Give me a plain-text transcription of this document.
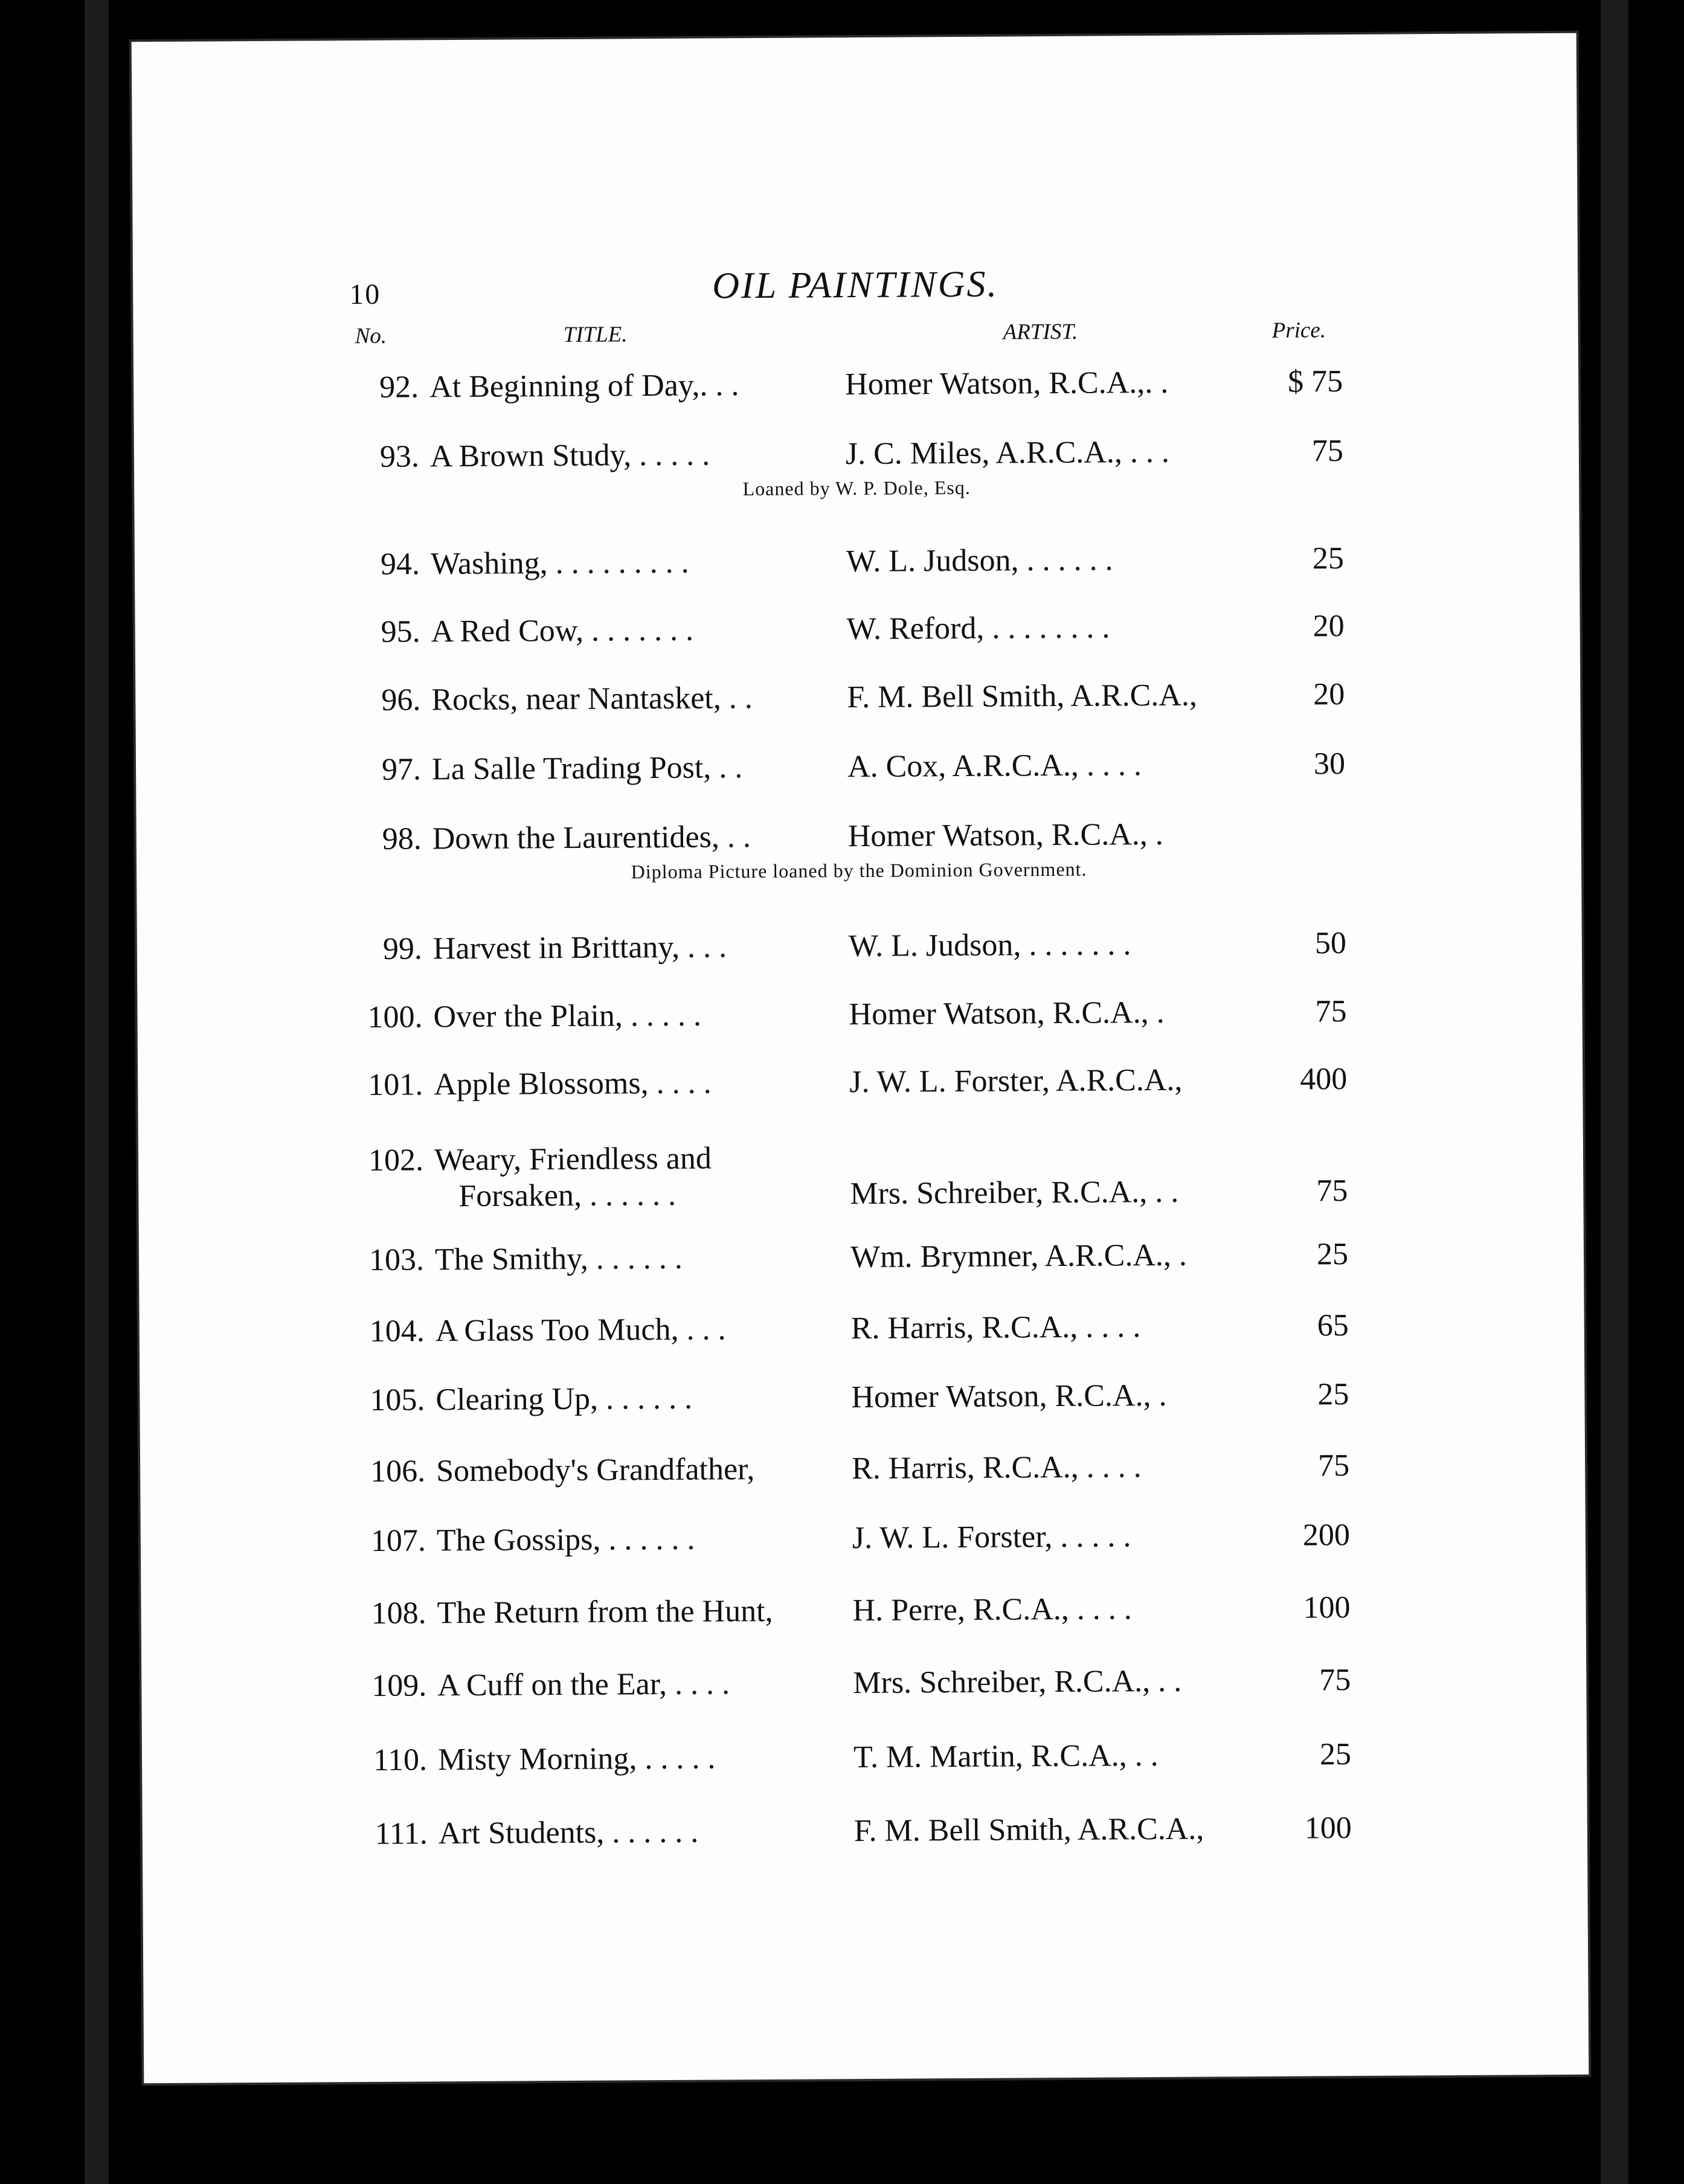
10	OIL PAINTINGS.
No.	TITLE.	ARTIST.	Price.
92. At Beginning of Day,. . .	Homer Watson, R.C.A.,. .	$ 75
93. A Brown Study, . . . . .	J. C. Miles, A.R.C.A., . . .	75
Loaned by W. P. Dole, Esq.
94. Washing, . . . . . . . . .	W. L. Judson, . . . . . .	25
95. A Red Cow, . . . . . . .	W. Reford, . . . . . . . .	20
96. Rocks, near Nantasket, . .	F. M. Bell Smith, A.R.C.A.,	20
97. La Salle Trading Post, . .	A. Cox, A.R.C.A., . . . .	30
98. Down the Laurentides, . .	Homer Watson, R.C.A., .
Diploma Picture loaned by the Dominion Government.
99. Harvest in Brittany, . . .	W. L. Judson, . . . . . . .	50
100. Over the Plain, . . . . .	Homer Watson, R.C.A., .	75
101. Apple Blossoms, . . . .	J. W. L. Forster, A.R.C.A.,	400
102. Weary, Friendless and
Forsaken, . . . . . .	Mrs. Schreiber, R.C.A., . .	75
103. The Smithy, . . . . . .	Wm. Brymner, A.R.C.A., .	25
104. A Glass Too Much, . . .	R. Harris, R.C.A., . . . .	65
105. Clearing Up, . . . . . .	Homer Watson, R.C.A., .	25
106. Somebody's Grandfather,	R. Harris, R.C.A., . . . .	75
107. The Gossips, . . . . . .	J. W. L. Forster, . . . . .	200
108. The Return from the Hunt,	H. Perre, R.C.A., . . . .	100
109. A Cuff on the Ear, . . . .	Mrs. Schreiber, R.C.A., . .	75
110. Misty Morning, . . . . .	T. M. Martin, R.C.A., . .	25
111. Art Students, . . . . . .	F. M. Bell Smith, A.R.C.A.,	100
